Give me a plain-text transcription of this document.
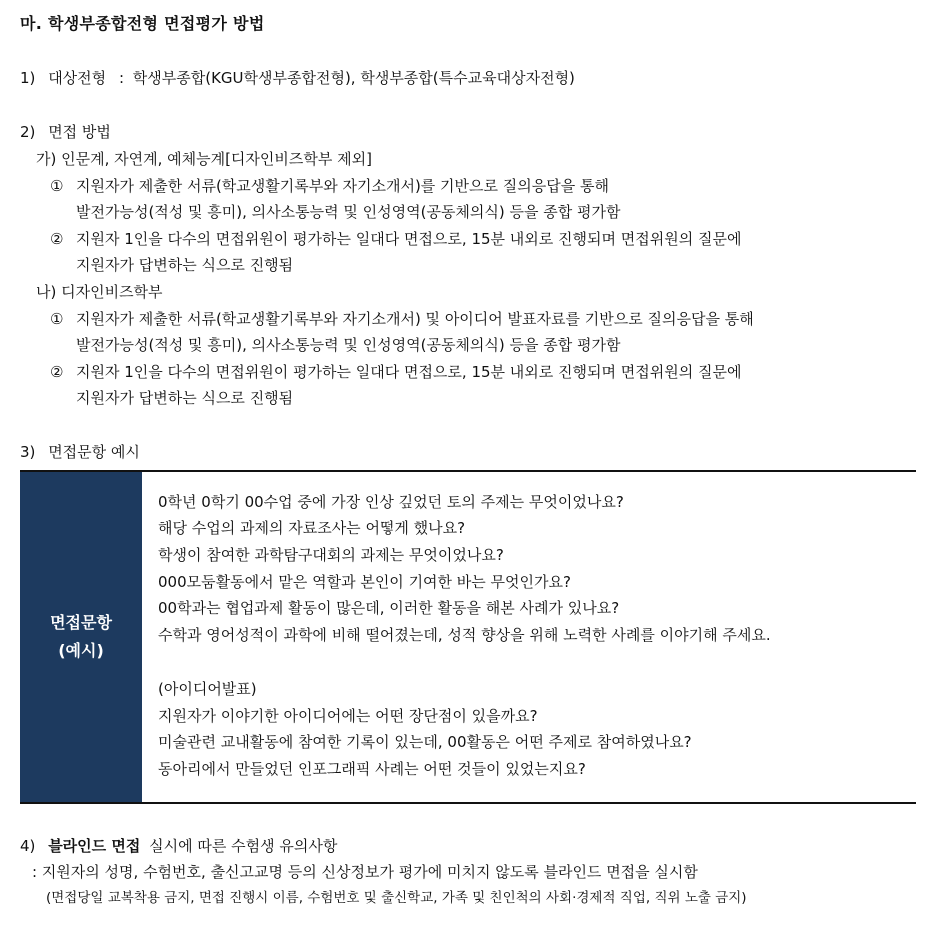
마. 학생부종합전형 면접평가 방법
1) 대상전형 : 학생부종합(KGU학생부종합전형), 학생부종합(특수교육대상자전형)
2) 면접 방법
가) 인문계, 자연계, 예체능계[디자인비즈학부 제외]
① 지원자가 제출한 서류(학교생활기록부와 자기소개서)를 기반으로 질의응답을 통해
발전가능성(적성 및 흥미), 의사소통능력 및 인성영역(공동체의식) 등을 종합 평가함
② 지원자 1인을 다수의 면접위원이 평가하는 일대다 면접으로, 15분 내외로 진행되며 면접위원의 질문에
지원자가 답변하는 식으로 진행됨
나) 디자인비즈학부
① 지원자가 제출한 서류(학교생활기록부와 자기소개서) 및 아이디어 발표자료를 기반으로 질의응답을 통해
발전가능성(적성 및 흥미), 의사소통능력 및 인성영역(공동체의식) 등을 종합 평가함
② 지원자 1인을 다수의 면접위원이 평가하는 일대다 면접으로, 15분 내외로 진행되며 면접위원의 질문에
지원자가 답변하는 식으로 진행됨
3) 면접문항 예시
면접문항
(예시)
0학년 0학기 00수업 중에 가장 인상 깊었던 토의 주제는 무엇이었나요?
해당 수업의 과제의 자료조사는 어떻게 했나요?
학생이 참여한 과학탐구대회의 과제는 무엇이었나요?
000모둠활동에서 맡은 역할과 본인이 기여한 바는 무엇인가요?
00학과는 협업과제 활동이 많은데, 이러한 활동을 해본 사례가 있나요?
수학과 영어성적이 과학에 비해 떨어졌는데, 성적 향상을 위해 노력한 사례를 이야기해 주세요.
(아이디어발표)
지원자가 이야기한 아이디어에는 어떤 장단점이 있을까요?
미술관련 교내활동에 참여한 기록이 있는데, 00활동은 어떤 주제로 참여하였나요?
동아리에서 만들었던 인포그래픽 사례는 어떤 것들이 있었는지요?
4) 블라인드 면접 실시에 따른 수험생 유의사항
: 지원자의 성명, 수험번호, 출신고교명 등의 신상정보가 평가에 미치지 않도록 블라인드 면접을 실시함
(면접당일 교복착용 금지, 면접 진행시 이름, 수험번호 및 출신학교, 가족 및 친인척의 사회·경제적 직업, 직위 노출 금지)
